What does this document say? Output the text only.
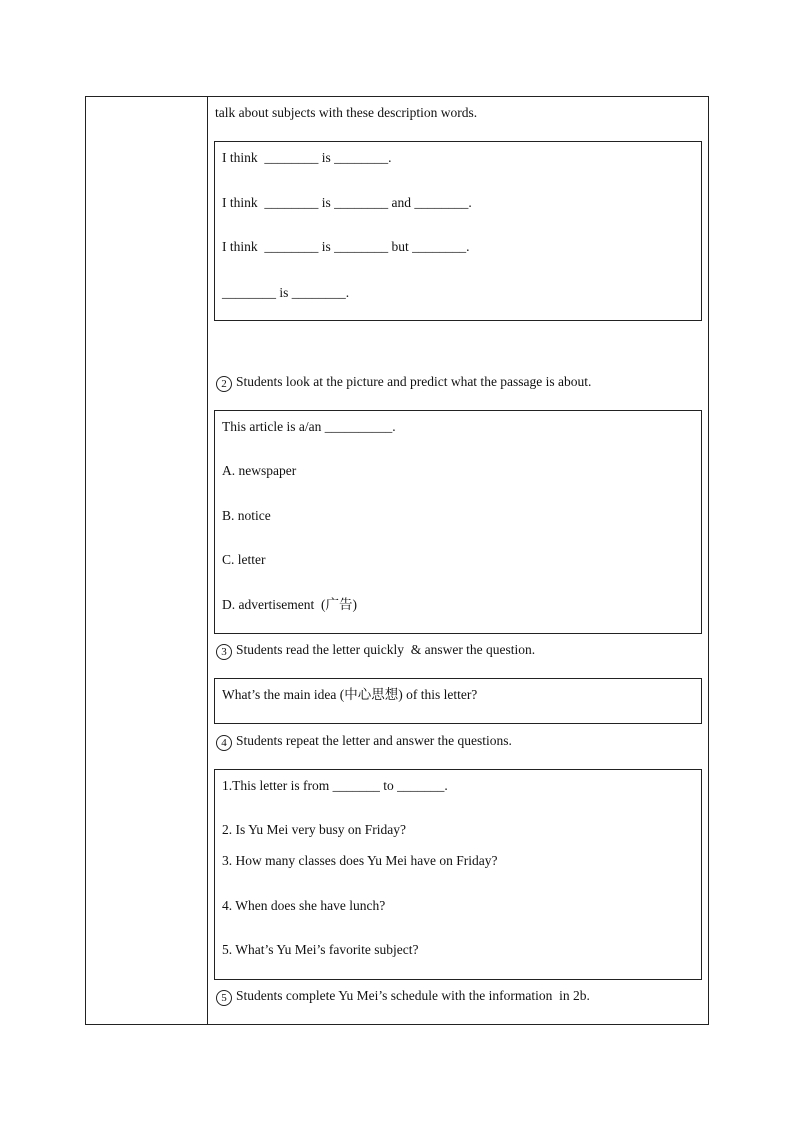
talk about subjects with these description words.
I think  ________ is ________.
I think  ________ is ________ and ________.
I think  ________ is ________ but ________.
________ is ________.
2 Students look at the picture and predict what the passage is about.
This article is a/an __________.
A. newspaper
B. notice
C. letter
D. advertisement  (广告)
3 Students read the letter quickly  & answer the question.
What’s the main idea (中心思想) of this letter?
4 Students repeat the letter and answer the questions.
1.This letter is from _______ to _______.
2. Is Yu Mei very busy on Friday?
3. How many classes does Yu Mei have on Friday?
4. When does she have lunch?
5. What’s Yu Mei’s favorite subject?
5 Students complete Yu Mei’s schedule with the information  in 2b.
